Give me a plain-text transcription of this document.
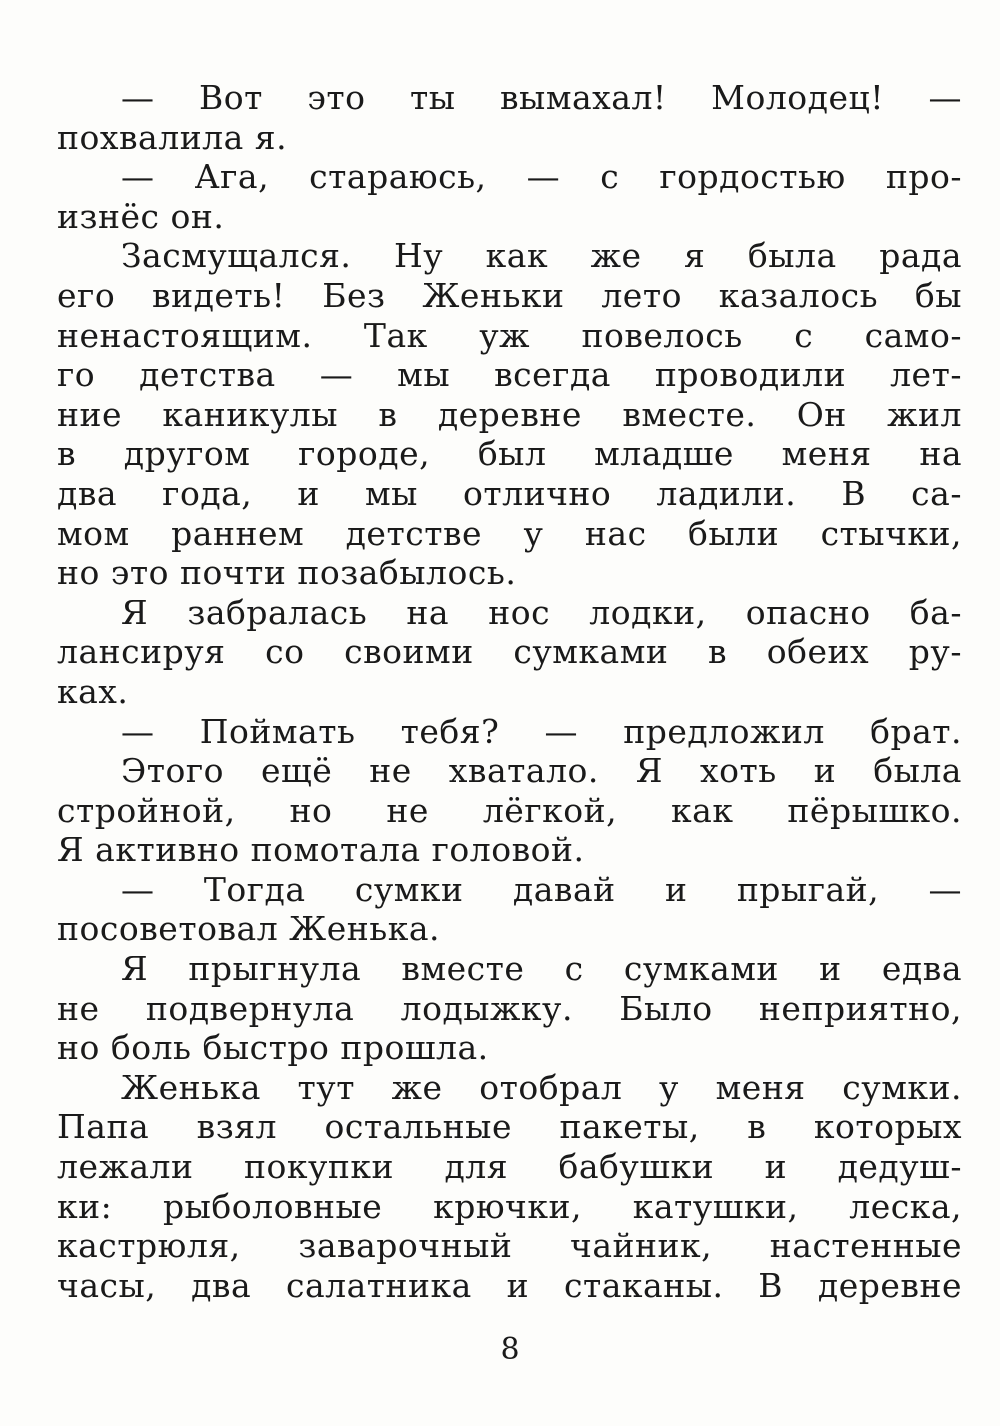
— Вот это ты вымахал! Молодец! —
похвалила я.
— Ага, стараюсь, — с гордостью про-
изнёс он.
Засмущался. Ну как же я была рада
его видеть! Без Женьки лето казалось бы
ненастоящим. Так уж повелось с само-
го детства — мы всегда проводили лет-
ние каникулы в деревне вместе. Он жил
в другом городе, был младше меня на
два года, и мы отлично ладили. В са-
мом раннем детстве у нас были стычки,
но это почти позабылось.
Я забралась на нос лодки, опасно ба-
лансируя со своими сумками в обеих ру-
ках.
— Поймать тебя? — предложил брат.
Этого ещё не хватало. Я хоть и была
стройной, но не лёгкой, как пёрышко.
Я активно помотала головой.
— Тогда сумки давай и прыгай, —
посоветовал Женька.
Я прыгнула вместе с сумками и едва
не подвернула лодыжку. Было неприятно,
но боль быстро прошла.
Женька тут же отобрал у меня сумки.
Папа взял остальные пакеты, в которых
лежали покупки для бабушки и дедуш-
ки: рыболовные крючки, катушки, леска,
кастрюля, заварочный чайник, настенные
часы, два салатника и стаканы. В деревне
8
